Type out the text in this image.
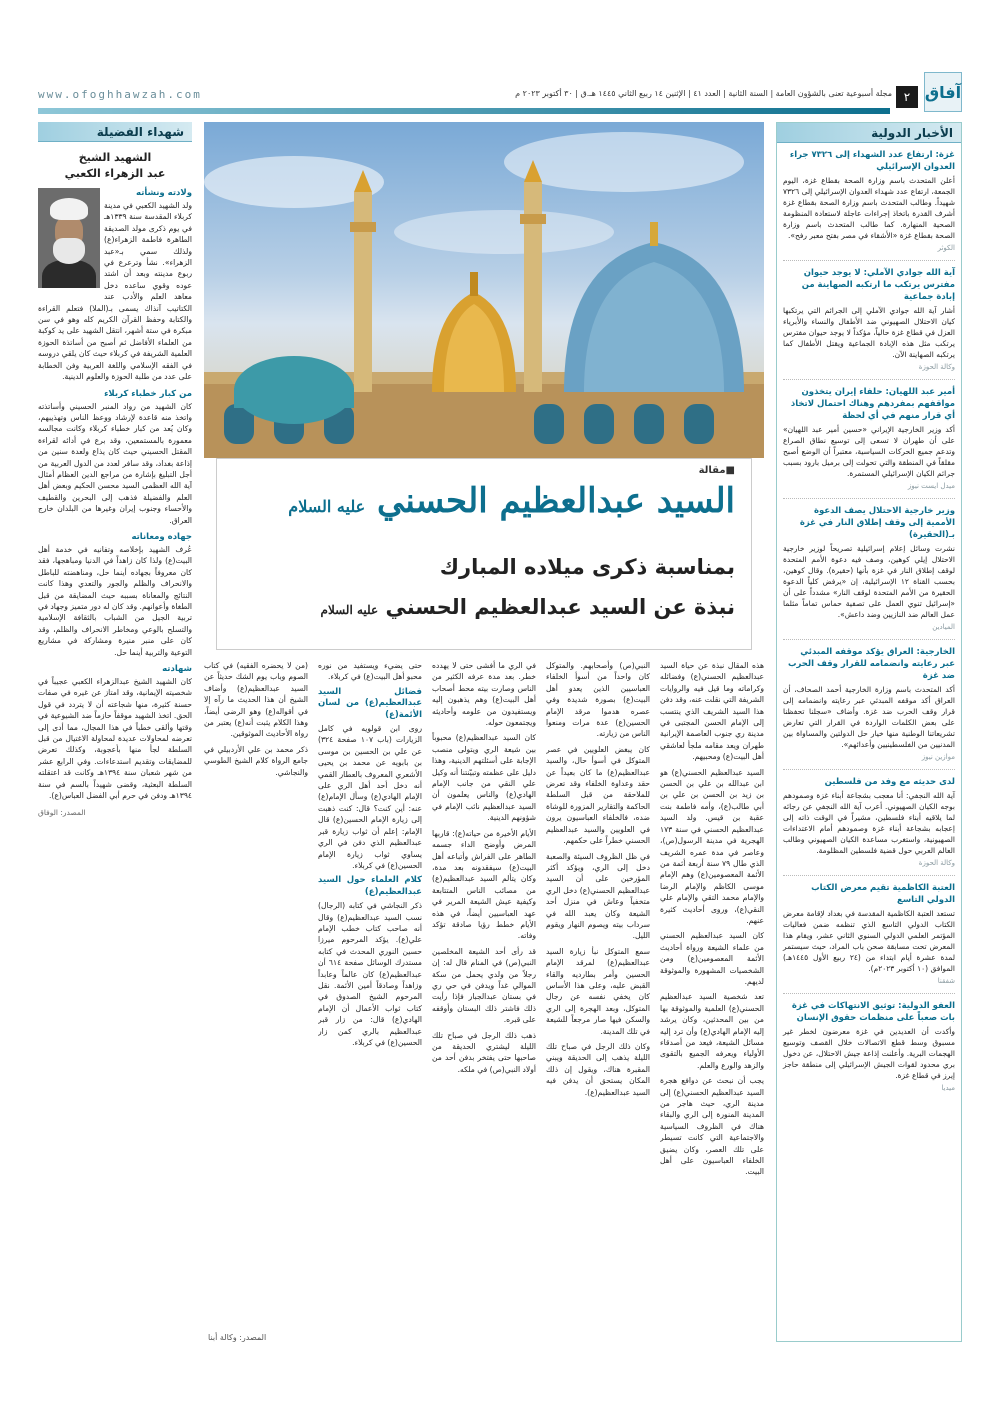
آفاق
٢
مجلة أسبوعية تعنى بالشؤون العامة | السنة الثانية | العدد ٤١ | الإثنين ١٤ ربيع الثاني ١٤٤٥ هـ.ق | ٣٠ أكتوبر ٢٠٢٣ م
www.ofoghhawzah.com
الأخبار الدولية
غزة: ارتفاع عدد الشهداء إلى ٧٣٢٦ جراء العدوان الإسرائيلي
أعلن المتحدث باسم وزارة الصحة بقطاع غزة، اليوم الجمعة، ارتفاع عدد شهداء العدوان الإسرائيلي إلى ٧٣٢٦ شهيداً. وطالب المتحدث باسم وزارة الصحة بقطاع غزة أشرف القدرة باتخاذ إجراءات عاجلة لاستعادة المنظومة الصحية المنهارة. كما طالب المتحدث باسم وزارة الصحة بقطاع غزة «الأشقاء في مصر بفتح معبر رفح».
الكوثر
آية الله جوادي الآملي: لا يوجد حيوان مفترس يرتكب ما ارتكبه الصهاينة من إبادة جماعية
أشار آية الله جوادي الآملي إلى الجرائم التي يرتكبها كيان الاحتلال الصهيوني ضد الأطفال والنساء والأبرياء العزل في قطاع غزة حالياً، مؤكداً لا يوجد حيوان مفترس يرتكب مثل هذه الإبادة الجماعية ويقتل الأطفال كما يرتكبه الصهاينة الآن.
وكالة الحوزة
أمير عبد اللهيان: حلفاء إيران يتخذون مواقفهم بمفردهم وهناك احتمال لاتخاذ أي قرار منهم في أي لحظة
أكد وزير الخارجية الإيراني «حسين أمير عبد اللهيان» على أن طهران لا تسعى إلى توسيع نطاق الصراع وتدعم جميع الحركات السياسية، معتبراً أن الوضع أصبح مقلقاً في المنطقة والتي تحولت إلى برميل بارود بسبب جرائم الكيان الإسرائيلي المستمرة.
ميدل ايست نيوز
وزير خارجية الاحتلال يصف الدعوة الأممية إلى وقف إطلاق النار في غزة بـ(الحقيرة)
نشرت وسائل إعلام إسرائيلية تصريحاً لوزير خارجية الاحتلال إيلي كوهين، وصف فيه دعوة الأمم المتحدة لوقف إطلاق النار في غزة بأنها (حقيرة). وقال كوهين، بحسب القناة ١٢ الإسرائيلية، إن «يرفض كلياً الدعوة الحقيرة من الأمم المتحدة لوقف النار» مشدداً على أن «إسرائيل تنوي العمل على تصفية حماس تماماً مثلما عمل العالم ضد النازيين وضد داعش».
الميادين
الخارجية: العراق يؤكد موقفه المبدئي عبر رعايته وانضمامه للقرار وقف الحرب ضد غزة
أكد المتحدث باسم وزارة الخارجية أحمد الصحاف، أن العراق أكد موقفه المبدئي عبر رعايته وانضمامه إلى قرار وقف الحرب ضد غزة. وأضاف «سجلنا تحفظنا على بعض الكلمات الواردة في القرار التي تعارض تشريعاتنا الوطنية منها خيار حل الدولتين والمساواة بين المدنيين من الفلسطينيين وأعدائهم».
موازين نيوز
لدى حديثه مع وفد من فلسطين
آية الله النجفي: أنا معجب بشجاعة أبناء غزة وصمودهم بوجه الكيان الصهيوني. أعرب آية الله النجفي عن رجائه لما يلاقيه أبناء فلسطين، مشيراً في الوقت ذاته إلى إعجابه بشجاعة أبناء غزة وصمودهم أمام الاعتداءات الصهيونية، واستغرب مساعدة الكيان الصهيوني وطالب العالم العربي حول قضية فلسطين المظلومة.
وكالة الحوزة
العتبة الكاظمية تقيم معرض الكتاب الدولي التاسع
تستعد العتبة الكاظمية المقدسة في بغداد لإقامة معرض الكتاب الدولي التاسع الذي تنظمه ضمن فعاليات المؤتمر العلمي الدولي السنوي الثاني عشر، ويقام هذا المعرض تحت مسابقة صحن باب المراد، حيث سيستمر لمدة عشرة أيام ابتداء من (٢٤ ربيع الأول ١٤٤٥هـ) الموافق (١٠ أكتوبر ٢٠٢٣م).
شفقنا
العفو الدولية: توثيق الانتهاكات في غزة بات صعباً على منظمات حقوق الإنسان
وأكدت أن العديدين في غزة معرضون لخطر غير مسبوق وسط قطع الاتصالات خلال القصف وتوسيع الهجمات البرية. وأعلنت إذاعة جيش الاحتلال، عن دخول بري محدود لقوات الجيش الإسرائيلي إلى منطقة حاجز إيرز في قطاع غزة.
ميديا
■مقالة
السيد عبدالعظيم الحسني عليه السلام
بمناسبة ذكرى ميلاده المبارك
نبذة عن السيد عبدالعظيم الحسني عليه السلام

هذه المقال نبذة عن حياة السيد عبدالعظيم الحسني(ع) وفضائله وكراماته وما قيل فيه والروايات الشريفة التي نقلت عنه، وقد دفن هذا السيد الشريف الذي ينتسب إلى الإمام الحسن المجتبى في مدينة ري جنوب العاصمة الإيرانية طهران ويعد مقامه ملجأ لعاشقي أهل البيت(ع) ومحبيهم.

السيد عبدالعظيم الحسني(ع) هو ابن عبدالله بن علي بن الحسن بن زيد بن الحسن بن علي بن أبي طالب(ع)، وأمه فاطمة بنت عقبة بن قيس. ولد السيد عبدالعظيم الحسني في سنة ١٧٣ الهجرية في مدينة الرسول(ص)، وعاصر في مدة عمره الشريف الذي طال ٧٩ سنة أربعة أئمة من الأئمة المعصومين(ع) وهم الإمام موسى الكاظم والإمام الرضا والإمام محمد التقي والإمام علي النقي(ع)، وروى أحاديث كثيرة عنهم.

كان السيد عبدالعظيم الحسني من علماء الشيعة ورواة أحاديث الأئمة المعصومين(ع) ومن الشخصيات المشهورة والموثوقة لديهم.

تعد شخصية السيد عبدالعظيم الحسني(ع) العلمية والموثوقة بها من بين المحدثين، وكان يرشد إليه الإمام الهادي(ع) وأن ترد إليه مسائل الشيعة، فيعد من أصدقاء الأولياء ويعرفه الجميع بالتقوى والزهد والورع والعلم.

يجب أن نبحث عن دوافع هجرة السيد عبدالعظيم الحسني(ع) إلى مدينة الري، حيث هاجر من المدينة المنورة إلى الري والبقاء هناك في الظروف السياسية والاجتماعية التي كانت تسيطر على تلك العصر، وكان يضيق الخلفاء العباسيون على أهل البيت.

النبي(ص) وأصحابهم. والمتوكل كان واحداً من أسوأ الخلفاء العباسيين الذين يعدو أهل البيت(ع) بصورة شديدة وفي عصره هدموا مرقد الإمام الحسين(ع) عدة مرات ومنعوا الناس من زيارته.

كان يبغض العلويين في عصر المتوكل في أسوأ حال، والسيد عبدالعظيم(ع) ما كان بعيداً عن حقد وعداوة الخلفاء وقد تعرض للملاحقة من قبل السلطة الحاكمة والتقارير المزورة للوشاة ضده، فالخلفاء العباسيون يرون في العلويين والسيد عبدالعظيم الحسني خطراً على حكمهم.

في ظل الظروف السيئة والصعبة دخل إلى الري، ويؤكد أكثر المؤرخين على أن السيد عبدالعظيم الحسني(ع) دخل الري متخفياً وعاش في منزل أحد الشيعة وكان يعبد الله في سرداب بيته ويصوم النهار ويقوم الليل.

سمع المتوكل نبأ زيارة السيد عبدالعظيم(ع) لمرقد الإمام الحسين وأمر بطارديه والقاء القبض عليه، وعلى هذا الأساس كان يخفي نفسه عن رجال المتوكل، وبعد الهجرة إلى الري والسكن فيها صار مرجعاً للشيعة في تلك المدينة.

وكان ذلك الرجل في صباح تلك الليلة يذهب إلى الحديقة ويبني المقبرة هناك، ويقول إن ذلك المكان يستحق أن يدفن فيه السيد عبدالعظيم(ع).

في الري ما أفشى حتى لا يهدده خطر. بعد مدة عرفه الكثير من الناس وصارت بيته محط أصحاب أهل البيت(ع) وهم يذهبون إليه ويستفيدون من علومه وأحاديثه ويجتمعون حوله.

كان السيد عبدالعظيم(ع) محبوباً بين شيعة الري ويتولى منصب الإجابة على أسئلتهم الدينية، وهذا دليل على عظمته وتبيّنتنا أنه وكيل علي النقي من جانب الإمام الهادي(ع) والناس يعلمون أن السيد عبدالعظيم نائب الإمام في شؤونهم الدينية.

الأيام الأخيرة من حياته(ع): قاربها المرض وأوضح الداء جسمه الطاهر على الفراش وأتباعه أهل البيت(ع) سيفقدونه بعد مدة، وكان يتألم السيد عبدالعظيم(ع) من مصائب الناس المتتابعة وكيفية عيش الشيعة المرير في عهد العباسيين أيضاً، في هذه الأيام خطط رؤيا صادقة تؤكد وفاته.

قد رأى أحد الشيعة المخلصين النبي(ص) في المنام قال له: إن رجلاً من ولدي يحمل من سكة الموالي غداً ويدفن في حي ري في بستان عبدالجبار فإذا رأيت ذلك فاشتر ذلك البستان وأوقفه على قبره.

ذهب ذلك الرجل في صباح تلك الليلة ليشتري الحديقة من صاحبها حتى يفتخر بدفن أحد من أولاد النبي(ص) في ملكه.

حتى يضيء ويستفيد من نوره محبو أهل البيت(ع) في كربلاء.

فضائل السيد عبدالعظيم(ع) من لسان الأئمة(ع)

روى ابن قولويه في كامل الزيارات (باب ١٠٧ صفحة ٣٢٤) عن علي بن الحسين بن موسى بن بابويه عن محمد بن يحيى الأشعري المعروف بالعطار القمي أنه دخل أحد أهل الري على الإمام الهادي(ع) وسأل الإمام(ع) عنه: أين كنت؟ قال: كنت ذهبت إلى زيارة الإمام الحسين(ع) قال الإمام: إعلم أن ثواب زيارة قبر عبدالعظيم الذي دفن في الري يساوي ثواب زيارة الإمام الحسين(ع) في كربلاء.

كلام العلماء حول السيد عبدالعظيم(ع)

ذكر النجاشي في كتابه (الرجال) نسب السيد عبدالعظيم(ع) وقال أنه صاحب كتاب خطب الإمام علي(ع). يؤكد المرحوم ميرزا حسين النوري المحدث في كتابه مستدرك الوسائل صفحة ٦١٤ أن عبدالعظيم(ع) كان عالماً وعابداً وزاهداً وصادقاً أمين الأئمة. نقل المرحوم الشيخ الصدوق في كتاب ثواب الأعمال أن الإمام الهادي(ع) قال: من زار قبر عبدالعظيم بالري كمن زار الحسين(ع) في كربلاء.

(من لا يحضره الفقيه) في كتاب الصوم وباب يوم الشك حديثاً عن السيد عبدالعظيم(ع) وأضاف الشيخ أن هذا الحديث ما رآه إلا في أقواله(ع) وهو الرضى أيضاً، وهذا الكلام يثبت أنه(ع) يعتبر من رواة الأحاديث الموثوقين.

ذكر محمد بن علي الأردبيلي في جامع الرواة كلام الشيخ الطوسي والنجاشي.

المصدر: وكالة أبنا
شهداء الفضيلة
الشهيد الشيخ
عبد الزهراء الكعبي
ولادته ونشأته
ولد الشهيد الكعبي في مدينة كربلاء المقدسة سنة ١٣٣٩هـ في يوم ذكرى مولد الصديقة الطاهرة فاطمة الزهراء(ع) ولذلك سمي بـ«عبد الزهراء». نشأ وترعرع في ربوع مدينته وبعد أن اشتد عوده وقوي ساعده دخل معاهد العلم والأدب عند الكتاتيب آنذاك يسمى بـ(الملا) فتعلم القراءة والكتابة وحفظ القرآن الكريم كله وهو في سن مبكرة في ستة أشهر، انتقل الشهيد على يد كوكبة من العلماء الأفاضل ثم أصبح من أساتذة الحوزة العلمية الشريفة في كربلاء حيث كان يلقي دروسه في الفقه الإسلامي واللغة العربية وفن الخطابة على عدد من طلبة الحوزة والعلوم الدينية.
من كبار خطباء كربلاء
كان الشهيد من رواد المنبر الحسيني وأساتذته واتخذ منه قاعدة لإرشاد ووعظ الناس وتهذيبهم، وكان يُعد من كبار خطباء كربلاء وكانت مجالسه معمورة بالمستمعين، وقد برع في أدائه لقراءة المقتل الحسيني حيث كان يذاع ولعدة سنين من إذاعة بغداد، وقد سافر لعدد من الدول العربية من أجل التبليغ بإشارة من مراجع الدين العظام أمثال آية الله العظمى السيد محسن الحكيم وبعض أهل العلم والفضيلة فذهب إلى البحرين والقطيف والأحساء وجنوب إيران وغيرها من البلدان خارج العراق.
جهاده ومعاناته
عُرف الشهيد بإخلاصه وتفانيه في خدمة أهل البيت(ع) ولذا كان زاهداً في الدنيا ومباهجها، فقد كان معروفاً بجهاده أينما حل، ومناهضته للباطل والانحراف والظلم والجور والتعدي وهذا كانت النتائج والمعاناة بسببه حيث المضايقة من قبل الطغاة وأعوانهم. وقد كان له دور متميز وجهاد في تربية الجيل من الشباب بالثقافة الإسلامية والتسلح بالوعي ومخاطر الانحراف والظلم، وقد كان على منبر منيرة ومشاركة في مشاريع التوعية والتربية أينما حل.
شهادته
كان الشهيد الشيخ عبدالزهراء الكعبي عجيباً في شخصيته الإيمانية، وقد امتاز عن غيره في صفات حسنة كثيرة، منها شجاعته أن لا يتردد في قول الحق. اتخذ الشهيد موقفاً حازماً ضد الشيوعية في وقتها وألقى خطباً في هذا المجال، مما أدى إلى تعرضه لمحاولات عديدة لمحاولة الاغتيال من قبل السلطة لجأ منها بأعجوبة، وكذلك تعرض للمضايقات وتقديم استدعاءات. وفي الرابع عشر من شهر شعبان سنة ١٣٩٤هـ وكانت قد اعتقلته السلطة البعثية، وقضى شهيداً بالسم في سنة ١٣٩٤هـ ودفن في حرم أبي الفضل العباس(ع).
المصدر: الوفاق
